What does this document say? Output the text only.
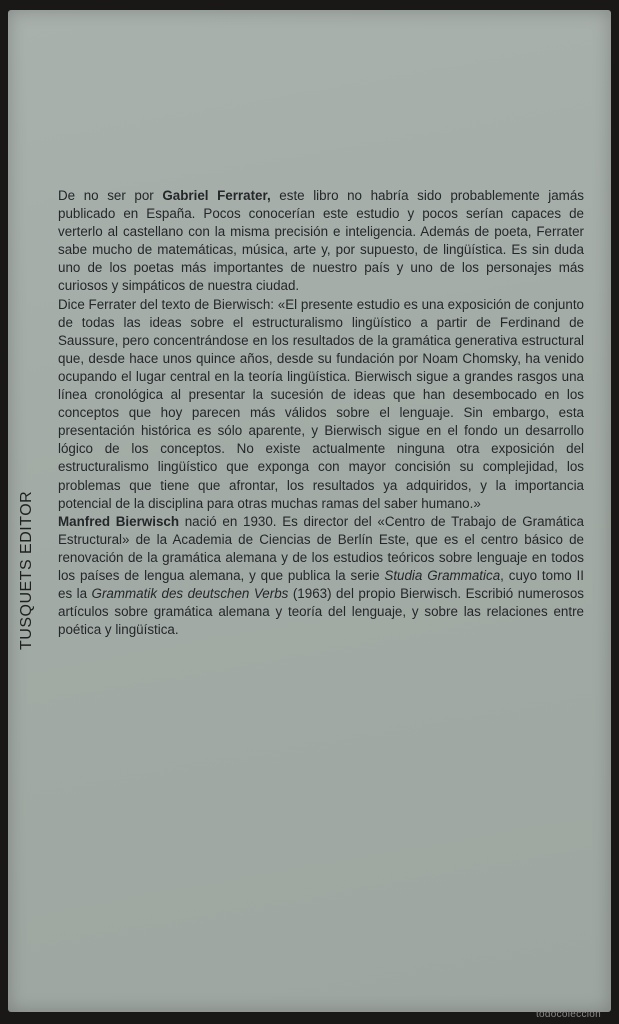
TUSQUETS EDITOR

De no ser por Gabriel Ferrater, este libro no habría sido probablemente jamás publicado en España. Pocos conocerían este estudio y pocos serían capaces de verterlo al castellano con la misma precisión e inteligencia. Además de poeta, Ferrater sabe mucho de matemáticas, música, arte y, por supuesto, de lingüística. Es sin duda uno de los poetas más importantes de nuestro país y uno de los personajes más curiosos y simpáticos de nuestra ciudad.

Dice Ferrater del texto de Bierwisch: «El presente estudio es una exposición de conjunto de todas las ideas sobre el estructuralismo lingüístico a partir de Ferdinand de Saussure, pero concentrándose en los resultados de la gramática generativa estructural que, desde hace unos quince años, desde su fundación por Noam Chomsky, ha venido ocupando el lugar central en la teoría lingüística. Bierwisch sigue a grandes rasgos una línea cronológica al presentar la sucesión de ideas que han desembocado en los conceptos que hoy parecen más válidos sobre el lenguaje. Sin embargo, esta presentación histórica es sólo aparente, y Bierwisch sigue en el fondo un desarrollo lógico de los conceptos. No existe actualmente ninguna otra exposición del estructuralismo lingüístico que exponga con mayor concisión su complejidad, los problemas que tiene que afrontar, los resultados ya adquiridos, y la importancia potencial de la disciplina para otras muchas ramas del saber humano.»

Manfred Bierwisch nació en 1930. Es director del «Centro de Trabajo de Gramática Estructural» de la Academia de Ciencias de Berlín Este, que es el centro básico de renovación de la gramática alemana y de los estudios teóricos sobre lenguaje en todos los países de lengua alemana, y que publica la serie Studia Grammatica, cuyo tomo II es la Grammatik des deutschen Verbs (1963) del propio Bierwisch. Escribió numerosos artículos sobre gramática alemana y teoría del lenguaje, y sobre las relaciones entre poética y lingüística.

todocoleccion
